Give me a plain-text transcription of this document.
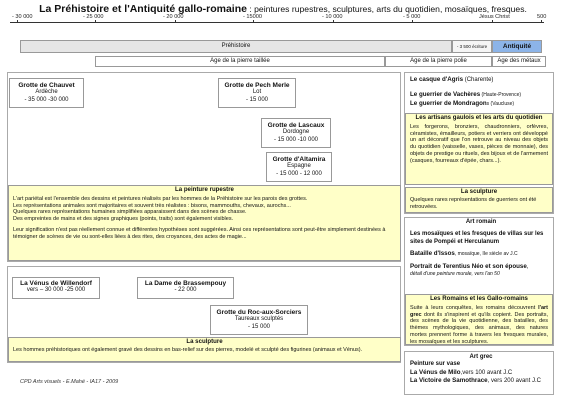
La Préhistoire et l'Antiquité gallo-romaine : peintures rupestres, sculptures, arts du quotidien, mosaïques, fresques.
- 30 000	- 25 000	- 20 000	- 15000	- 10 000	- 5 000	Jésus Christ	500
Préhistoire	- 3 500 écriture	Antiquité
Age de la pierre taillée	Age de la pierre polie	Age des métaux
Grotte de Chauvet
Ardèche
- 35 000 -30 000
Grotte de Pech Merle
Lot
- 15 000
Grotte de Lascaux
Dordogne
- 15 000 -10 000
Grotte d'Altamira
Espagne
- 15 000 - 12 000
La peinture rupestre
L'art pariétal est l'ensemble des dessins et peintures réalisés par les hommes de la Préhistoire sur les parois des grottes.
Les représentations animales sont majoritaires et souvent très réalistes : bisons, mammouths, chevaux, aurochs...
Quelques rares représentations humaines simplifiées apparaissent dans des scènes de chasse.
Des empreintes de mains et des signes graphiques (points, traits) sont également visibles.
Leur signification n'est pas réellement connue et différentes hypothèses sont suggérées. Ainsi ces représentations sont peut-être simplement destinées à témoigner de scènes de vie ou sont-elles liées à des rites, des croyances, des actes de magie...
La Vénus de Willendorf
vers – 30 000 -25 000
La Dame de Brassempouy
- 22 000
Grotte du Roc-aux-Sorciers
Taureaux sculptés
- 15 000
La sculpture
Les hommes préhistoriques ont également gravé des dessins en bas-relief sur des pierres, modelé et sculpté des figurines (animaux et Vénus).
CPD Arts visuels - E.Mahé - IA17 - 2009
Le casque d'Agris (Charente)
Le guerrier de Vachères (Haute-Provence)
Le guerrier de Mondragons (Vaucluse)
Les artisans gaulois et les arts du quotidien
Les forgerons, bronziers, chaudronniers, orfèvres, céramistes, émailleurs, potiers et verriers ont développé un art décoratif que l'on retrouve au niveau des objets du quotidien (vaisselle, vases, pièces de monnaie), des objets de prestige ou rituels, des bijoux et de l'armement (casques, fourreaux d'épée, chars...).
La sculpture
Quelques rares représentations de guerriers ont été retrouvées.
Art romain
Les mosaïques et les fresques de villas sur les sites de Pompéi et Herculanum
Bataille d'Issos, mosaïque, IIe siècle av J.C
Portrait de Terentius Néo et son épouse,
détail d'une peinture murale, vers l'an 50
Les Romains et les Gallo-romains
Suite à leurs conquêtes, les romains découvrent l'art grec dont ils s'inspirent et qu'ils copient. Des portraits, des scènes de la vie quotidienne, des batailles, des thèmes mythologiques, des animaux, des natures mortes prennent forme à travers les fresques murales, les mosaïques et les sculptures.
Art grec
Peinture sur vase
La Vénus de Milo,vers 100 avant J.C
La Victoire de Samothrace, vers 200 avant J.C
